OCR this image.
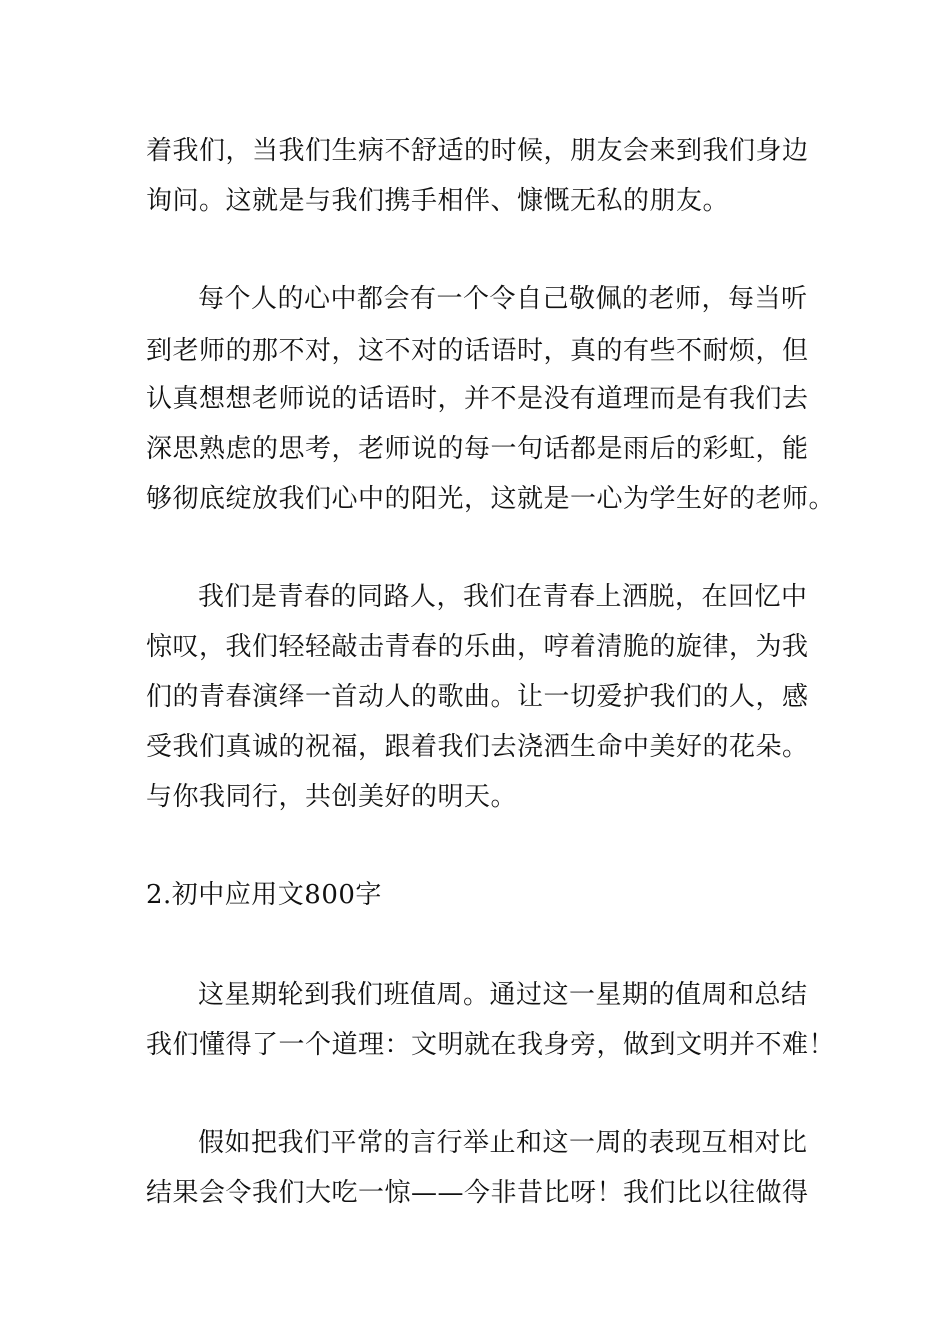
着我们，当我们生病不舒适的时候，朋友会来到我们身边
询问。这就是与我们携手相伴、慷慨无私的朋友。
每个人的心中都会有一个令自己敬佩的老师，每当听
到老师的那不对，这不对的话语时，真的有些不耐烦，但
认真想想老师说的话语时，并不是没有道理而是有我们去
深思熟虑的思考，老师说的每一句话都是雨后的彩虹，能
够彻底绽放我们心中的阳光，这就是一心为学生好的老师。
我们是青春的同路人，我们在青春上洒脱，在回忆中
惊叹，我们轻轻敲击青春的乐曲，哼着清脆的旋律，为我
们的青春演绎一首动人的歌曲。让一切爱护我们的人，感
受我们真诚的祝福，跟着我们去浇洒生命中美好的花朵。
与你我同行，共创美好的明天。
2.初中应用文800字
这星期轮到我们班值周。通过这一星期的值周和总结
我们懂得了一个道理：文明就在我身旁，做到文明并不难！
假如把我们平常的言行举止和这一周的表现互相对比
结果会令我们大吃一惊——今非昔比呀！我们比以往做得
